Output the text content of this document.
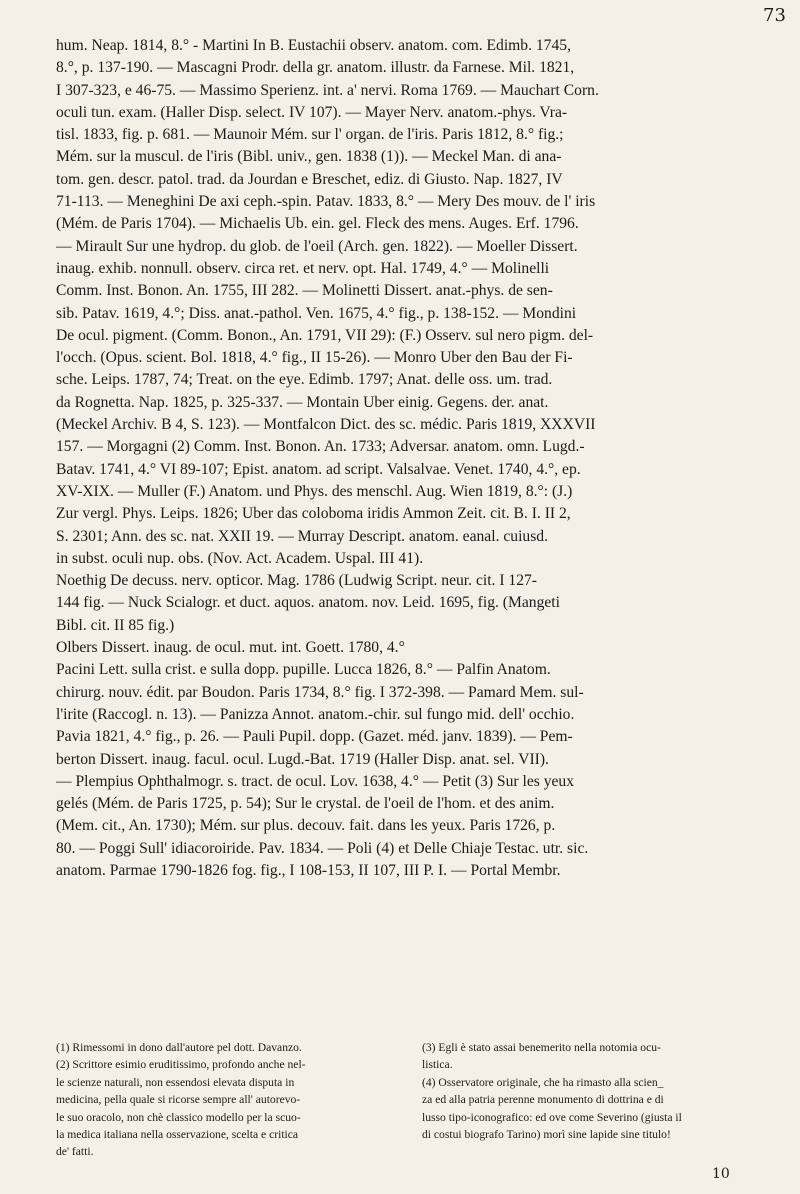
73
hum. Neap. 1814, 8.° - Martini In B. Eustachii observ. anatom. com. Edimb. 1745,
8.°, p. 137-190. — Mascagni Prodr. della gr. anatom. illustr. da Farnese. Mil. 1821,
I 307-323, e 46-75. — Massimo Sperienz. int. a' nervi. Roma 1769. — Mauchart Corn.
oculi tun. exam. (Haller Disp. select. IV 107). — Mayer Nerv. anatom.-phys. Vra-
tisl. 1833, fig. p. 681. — Maunoir Mém. sur l' organ. de l'iris. Paris 1812, 8.° fig.;
Mém. sur la muscul. de l'iris (Bibl. univ., gen. 1838 (1)). — Meckel Man. di ana-
tom. gen. descr. patol. trad. da Jourdan e Breschet, ediz. di Giusto. Nap. 1827, IV
71-113. — Meneghini De axi ceph.-spin. Patav. 1833, 8.° — Mery Des mouv. de l' iris
(Mém. de Paris 1704). — Michaelis Ub. ein. gel. Fleck des mens. Auges. Erf. 1796.
— Mirault Sur une hydrop. du glob. de l'oeil (Arch. gen. 1822). — Moeller Dissert.
inaug. exhib. nonnull. observ. circa ret. et nerv. opt. Hal. 1749, 4.° — Molinelli
Comm. Inst. Bonon. An. 1755, III 282. — Molinetti Dissert. anat.-phys. de sen-
sib. Patav. 1619, 4.°; Diss. anat.-pathol. Ven. 1675, 4.° fig., p. 138-152. — Mondini
De ocul. pigment. (Comm. Bonon., An. 1791, VII 29): (F.) Osserv. sul nero pigm. del-
l'occh. (Opus. scient. Bol. 1818, 4.° fig., II 15-26). — Monro Uber den Bau der Fi-
sche. Leips. 1787, 74; Treat. on the eye. Edimb. 1797; Anat. delle oss. um. trad.
da Rognetta. Nap. 1825, p. 325-337. — Montain Uber einig. Gegens. der. anat.
(Meckel Archiv. B 4, S. 123). — Montfalcon Dict. des sc. médic. Paris 1819, XXXVII
157. — Morgagni (2) Comm. Inst. Bonon. An. 1733; Adversar. anatom. omn. Lugd.-
Batav. 1741, 4.° VI 89-107; Epist. anatom. ad script. Valsalvae. Venet. 1740, 4.°, ep.
XV-XIX. — Muller (F.) Anatom. und Phys. des menschl. Aug. Wien 1819, 8.°: (J.)
Zur vergl. Phys. Leips. 1826; Uber das coloboma iridis Ammon Zeit. cit. B. I. II 2,
S. 2301; Ann. des sc. nat. XXII 19. — Murray Descript. anatom. eanal. cuiusd.
in subst. oculi nup. obs. (Nov. Act. Academ. Uspal. III 41).
Noethig De decuss. nerv. opticor. Mag. 1786 (Ludwig Script. neur. cit. I 127-
144 fig. — Nuck Scialogr. et duct. aquos. anatom. nov. Leid. 1695, fig. (Mangeti
Bibl. cit. II 85 fig.)
Olbers Dissert. inaug. de ocul. mut. int. Goett. 1780, 4.°
Pacini Lett. sulla crist. e sulla dopp. pupille. Lucca 1826, 8.° — Palfin Anatom.
chirurg. nouv. édit. par Boudon. Paris 1734, 8.° fig. I 372-398. — Pamard Mem. sul-
l'irite (Raccogl. n. 13). — Panizza Annot. anatom.-chir. sul fungo mid. dell' occhio.
Pavia 1821, 4.° fig., p. 26. — Pauli Pupil. dopp. (Gazet. méd. janv. 1839). — Pem-
berton Dissert. inaug. facul. ocul. Lugd.-Bat. 1719 (Haller Disp. anat. sel. VII).
— Plempius Ophthalmogr. s. tract. de ocul. Lov. 1638, 4.° — Petit (3) Sur les yeux
gelés (Mém. de Paris 1725, p. 54); Sur le crystal. de l'oeil de l'hom. et des anim.
(Mem. cit., An. 1730); Mém. sur plus. decouv. fait. dans les yeux. Paris 1726, p.
80. — Poggi Sull' idiacoroiride. Pav. 1834. — Poli (4) et Delle Chiaje Testac. utr. sic.
anatom. Parmae 1790-1826 fog. fig., I 108-153, II 107, III P. I. — Portal Membr.
(1) Rimessomi in dono dall'autore pel dott. Davanzo.
(2) Scrittore esimio eruditissimo, profondo anche nel-
le scienze naturali, non essendosi elevata disputa in
medicina, pella quale si ricorse sempre all' autorevo-
le suo oracolo, non chè classico modello per la scuo-
la medica italiana nella osservazione, scelta e critica
de' fatti.
(3) Egli è stato assai benemerito nella notomia ocu-
listica.
(4) Osservatore originale, che ha rimasto alla scien_
za ed alla patria perenne monumento di dottrina e di
lusso tipo-iconografico: ed ove come Severino (giusta il
di costui biografo Tarino) morì sine lapide sine titulo!
10
